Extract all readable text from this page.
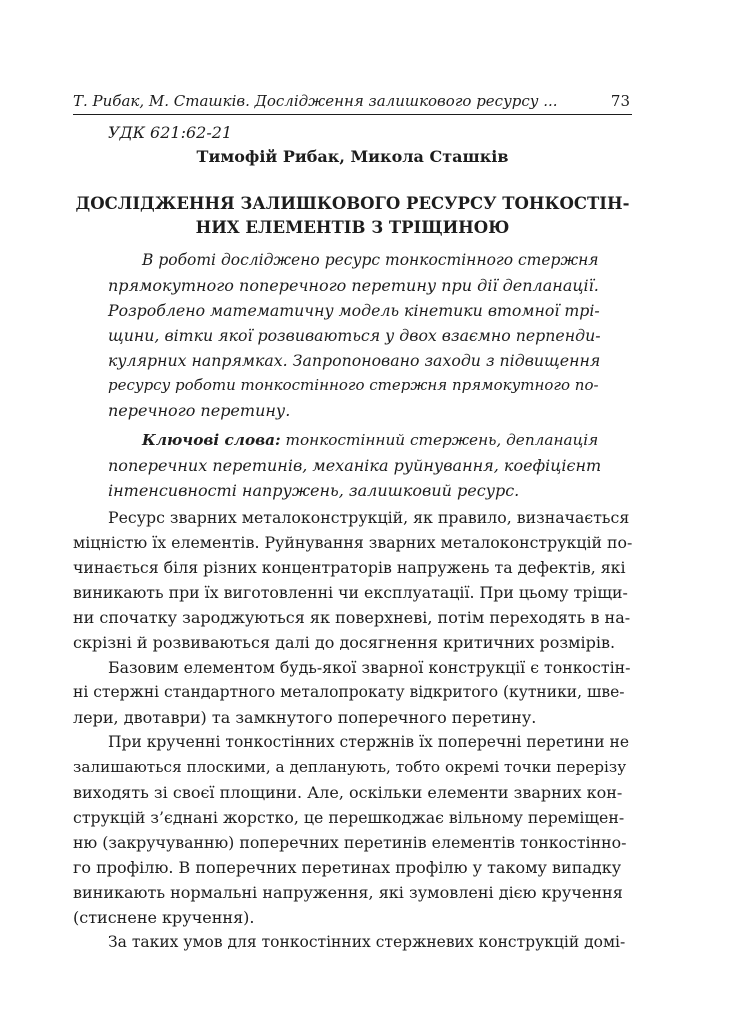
Т. Рибак, М. Сташків. Дослідження залишкового ресурсу ...	73
УДК 621:62-21
Тимофій Рибак, Микола Сташків
ДОСЛІДЖЕННЯ ЗАЛИШКОВОГО РЕСУРСУ ТОНКОСТІН-
НИХ ЕЛЕМЕНТІВ З ТРІЩИНОЮ
В роботі досліджено ресурс тонкостінного стержня
прямокутного поперечного перетину при дії депланації.
Розроблено математичну модель кінетики втомної трі-
щини, вітки якої розвиваються у двох взаємно перпенди-
кулярних напрямках. Запропоновано заходи з підвищення
ресурсу роботи тонкостінного стержня прямокутного по-
перечного перетину.
Ключові слова: тонкостінний стержень, депланація
поперечних перетинів, механіка руйнування, коефіцієнт
інтенсивності напружень, залишковий ресурс.
Ресурс зварних металоконструкцій, як правило, визначається
міцністю їх елементів. Руйнування зварних металоконструкцій по-
чинається біля різних концентраторів напружень та дефектів, які
виникають при їх виготовленні чи експлуатації. При цьому тріщи-
ни спочатку зароджуються як поверхневі, потім переходять в на-
скрізні й розвиваються далі до досягнення критичних розмірів.
Базовим елементом будь-якої зварної конструкції є тонкостін-
ні стержні стандартного металопрокату відкритого (кутники, шве-
лери, двотаври) та замкнутого поперечного перетину.
При крученні тонкостінних стержнів їх поперечні перетини не
залишаються плоскими, а депланують, тобто окремі точки перерізу
виходять зі своєї площини. Але, оскільки елементи зварних кон-
струкцій з’єднані жорстко, це перешкоджає вільному переміщен-
ню (закручуванню) поперечних перетинів елементів тонкостінно-
го профілю. В поперечних перетинах профілю у такому випадку
виникають нормальні напруження, які зумовлені дією кручення
(стиснене кручення).
За таких умов для тонкостінних стержневих конструкцій домі-
